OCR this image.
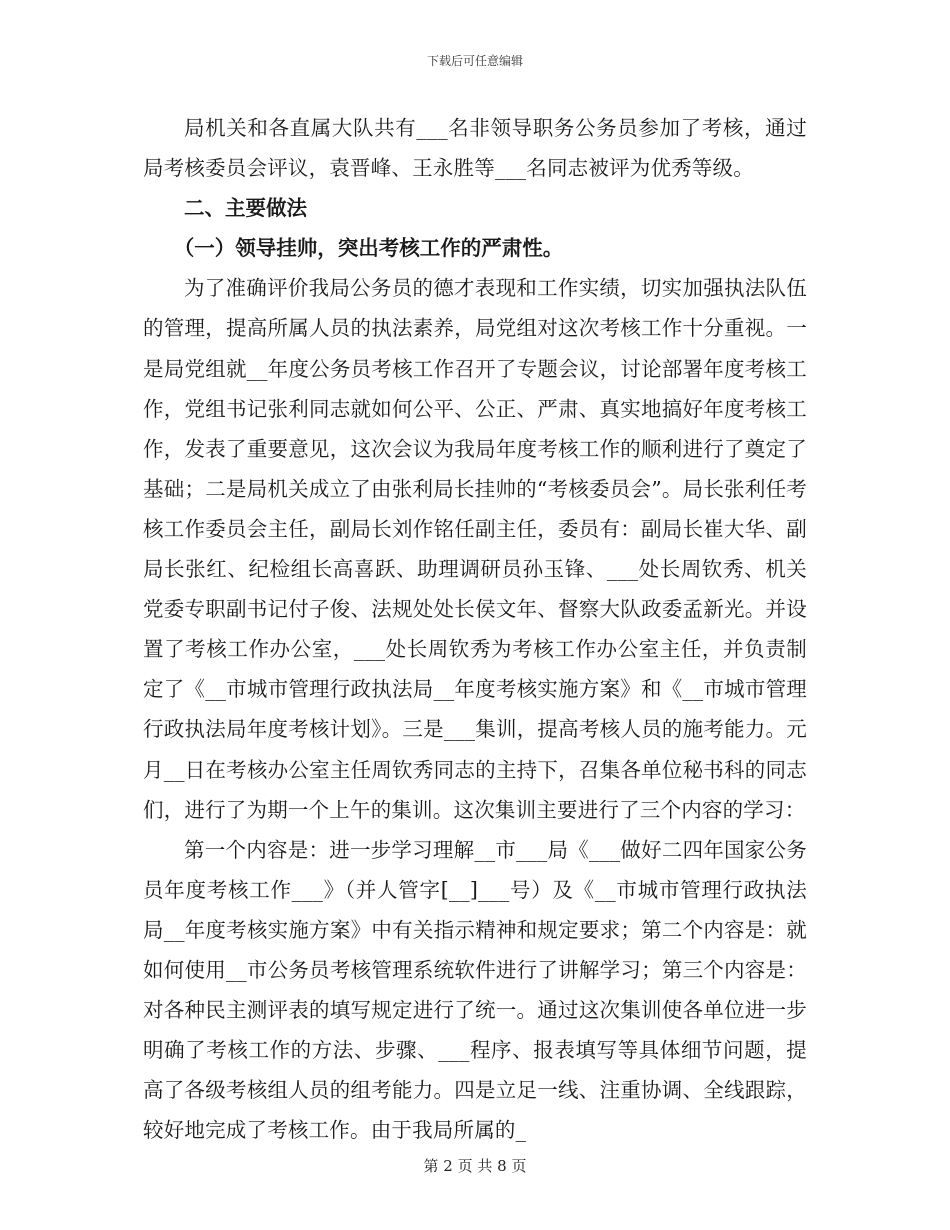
下载后可任意编辑

局机关和各直属大队共有___名非领导职务公务员参加了考核，通过局考核委员会评议，袁晋峰、王永胜等___名同志被评为优秀等级。

二、主要做法

（一）领导挂帅，突出考核工作的严肃性。

为了准确评价我局公务员的德才表现和工作实绩，切实加强执法队伍的管理，提高所属人员的执法素养，局党组对这次考核工作十分重视。一是局党组就__年度公务员考核工作召开了专题会议，讨论部署年度考核工作，党组书记张利同志就如何公平、公正、严肃、真实地搞好年度考核工作，发表了重要意见，这次会议为我局年度考核工作的顺利进行了奠定了基础；二是局机关成立了由张利局长挂帅的“考核委员会”。局长张利任考核工作委员会主任，副局长刘作铭任副主任，委员有：副局长崔大华、副局长张红、纪检组长高喜跃、助理调研员孙玉锋、___处长周钦秀、机关党委专职副书记付子俊、法规处处长侯文年、督察大队政委孟新光。并设置了考核工作办公室，___处长周钦秀为考核工作办公室主任，并负责制定了《__市城市管理行政执法局__年度考核实施方案》和《__市城市管理行政执法局年度考核计划》。三是___集训，提高考核人员的施考能力。元月__日在考核办公室主任周钦秀同志的主持下，召集各单位秘书科的同志们，进行了为期一个上午的集训。这次集训主要进行了三个内容的学习：

第一个内容是：进一步学习理解__市___局《___做好二四年国家公务员年度考核工作___》（并人管字[__]___号）及《__市城市管理行政执法局__年度考核实施方案》中有关指示精神和规定要求；第二个内容是：就如何使用__市公务员考核管理系统软件进行了讲解学习；第三个内容是：对各种民主测评表的填写规定进行了统一。通过这次集训使各单位进一步明确了考核工作的方法、步骤、___程序、报表填写等具体细节问题，提高了各级考核组人员的组考能力。四是立足一线、注重协调、全线跟踪，较好地完成了考核工作。由于我局所属的_

第 2 页 共 8 页
